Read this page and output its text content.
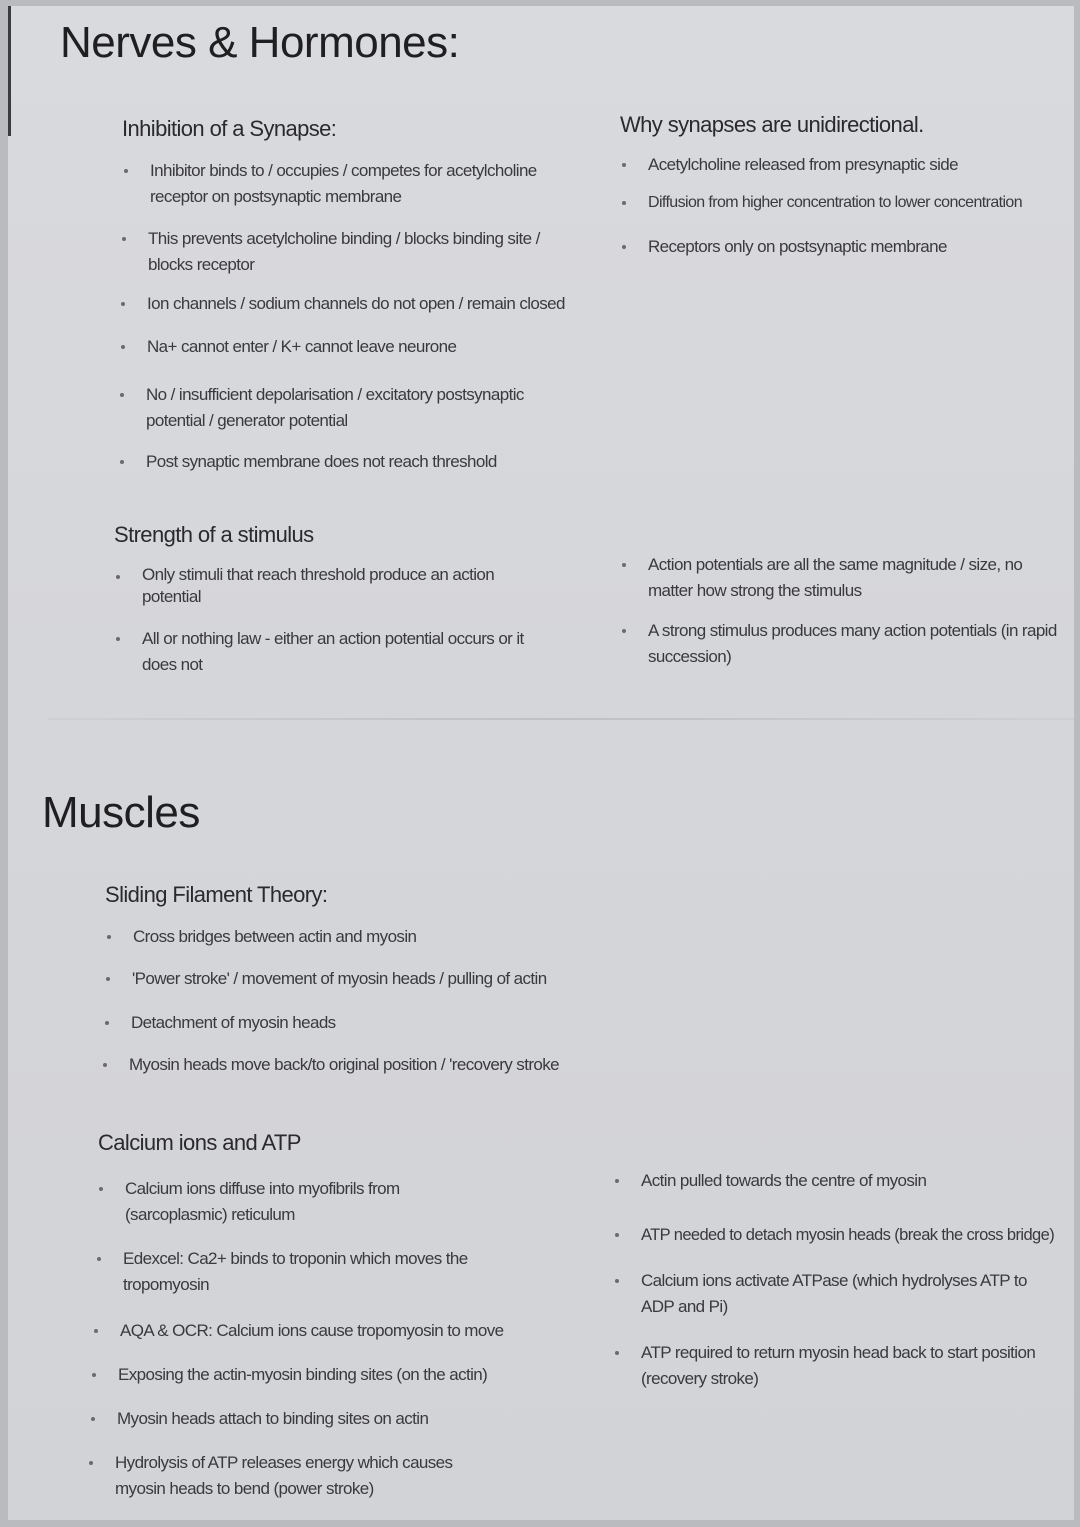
Nerves & Hormones:
Inhibition of a Synapse:
Inhibitor binds to / occupies / competes for acetylcholine receptor on postsynaptic membrane
This prevents acetylcholine binding / blocks binding site / blocks receptor
Ion channels / sodium channels do not open / remain closed
Na+ cannot enter / K+ cannot leave neurone
No / insufficient depolarisation / excitatory postsynaptic potential / generator potential
Post synaptic membrane does not reach threshold
Why synapses are unidirectional.
Acetylcholine released from presynaptic side
Diffusion from higher concentration to lower concentration
Receptors only on postsynaptic membrane
Strength of a stimulus
Only stimuli that reach threshold produce an action potential
All or nothing law - either an action potential occurs or it does not
Action potentials are all the same magnitude / size, no matter how strong the stimulus
A strong stimulus produces many action potentials (in rapid succession)
Muscles
Sliding Filament Theory:
Cross bridges between actin and myosin
'Power stroke' / movement of myosin heads / pulling of actin
Detachment of myosin heads
Myosin heads move back/to original position / 'recovery stroke
Calcium ions and ATP
Calcium ions diffuse into myofibrils from (sarcoplasmic) reticulum
Edexcel: Ca2+ binds to troponin which moves the tropomyosin
AQA & OCR: Calcium ions cause tropomyosin to move
Exposing the actin-myosin binding sites (on the actin)
Myosin heads attach to binding sites on actin
Hydrolysis of ATP releases energy which causes myosin heads to bend (power stroke)
Actin pulled towards the centre of myosin
ATP needed to detach myosin heads (break the cross bridge)
Calcium ions activate ATPase (which hydrolyses ATP to ADP and Pi)
ATP required to return myosin head back to start position (recovery stroke)
